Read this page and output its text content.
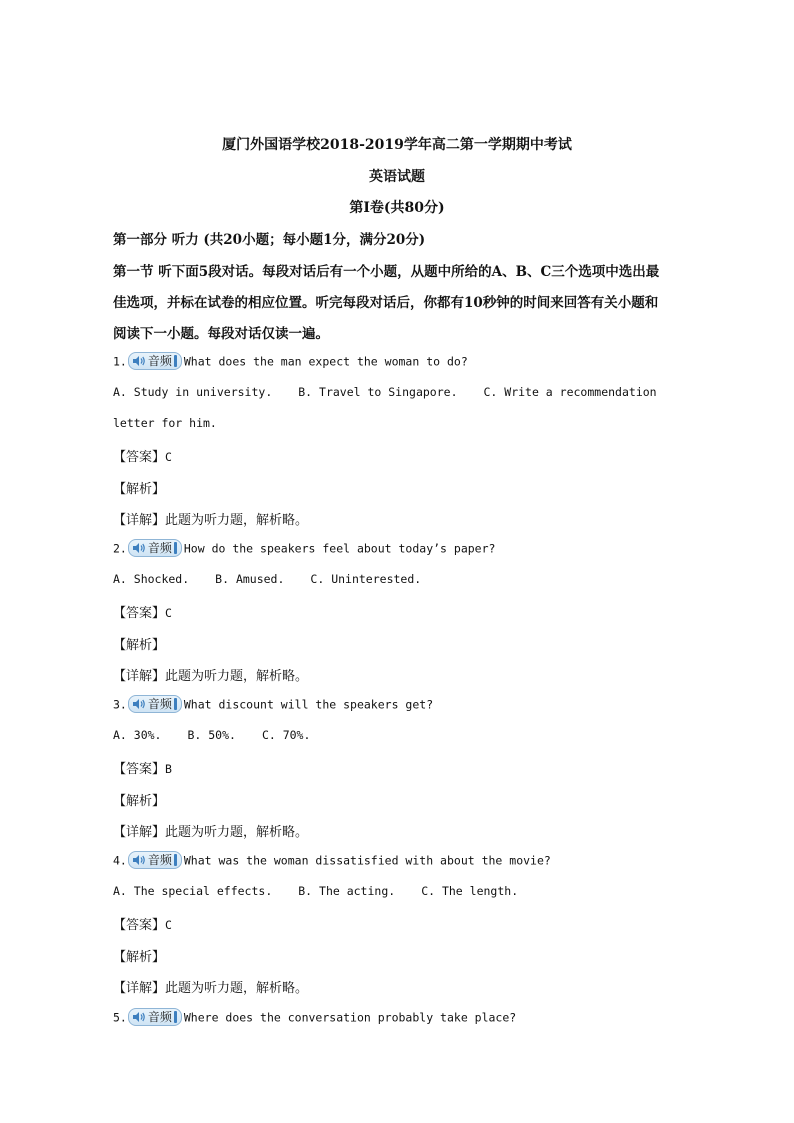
厦门外国语学校2018-2019学年高二第一学期期中考试
英语试题
第Ⅰ卷(共80分)
第一部分 听力 (共20小题；每小题1分，满分20分)
第一节 听下面5段对话。每段对话后有一个小题，从题中所给的A、B、C三个选项中选出最
佳选项，并标在试卷的相应位置。听完每段对话后，你都有10秒钟的时间来回答有关小题和
阅读下一小题。每段对话仅读一遍。
1. 音频 What does the man expect the woman to do?
A. Study in university. B. Travel to Singapore. C. Write a recommendation
letter for him.
【答案】C
【解析】
【详解】此题为听力题，解析略。
2. 音频 How do the speakers feel about today’s paper?
A. Shocked. B. Amused. C. Uninterested.
【答案】C
【解析】
【详解】此题为听力题，解析略。
3. 音频 What discount will the speakers get?
A. 30%. B. 50%. C. 70%.
【答案】B
【解析】
【详解】此题为听力题，解析略。
4. 音频 What was the woman dissatisfied with about the movie?
A. The special effects. B. The acting. C. The length.
【答案】C
【解析】
【详解】此题为听力题，解析略。
5. 音频 Where does the conversation probably take place?
